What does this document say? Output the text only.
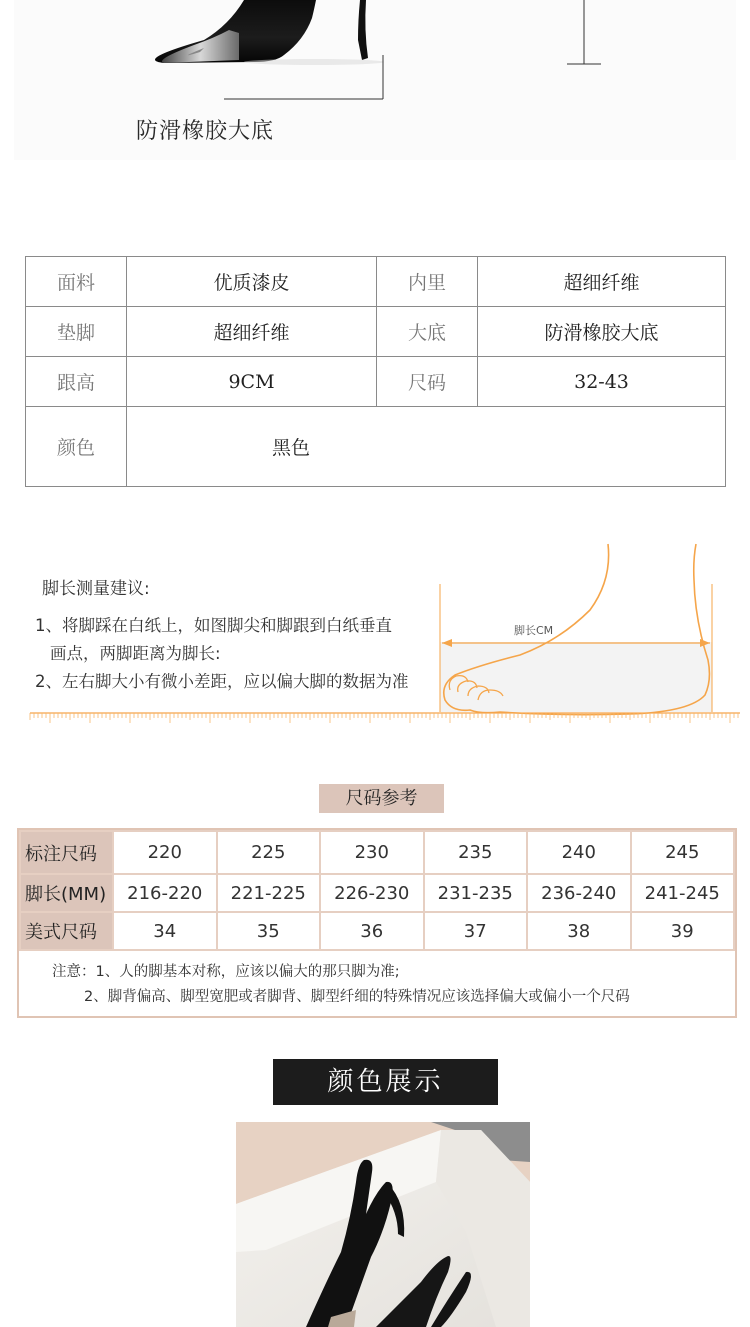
防滑橡胶大底
面料	优质漆皮	内里	超细纤维
垫脚	超细纤维	大底	防滑橡胶大底
跟高	9CM	尺码	32-43
颜色	黑色		
脚长测量建议:
1、将脚踩在白纸上，如图脚尖和脚跟到白纸垂直
画点，两脚距离为脚长:
2、左右脚大小有微小差距，应以偏大脚的数据为准
脚长CM
尺码参考
标注尺码	220	225	230	235	240	245
脚长(MM)	216-220	221-225	226-230	231-235	236-240	241-245
美式尺码	34	35	36	37	38	39
注意：1、人的脚基本对称，应该以偏大的那只脚为准;
2、脚背偏高、脚型宽肥或者脚背、脚型纤细的特殊情况应该选择偏大或偏小一个尺码
颜色展示
